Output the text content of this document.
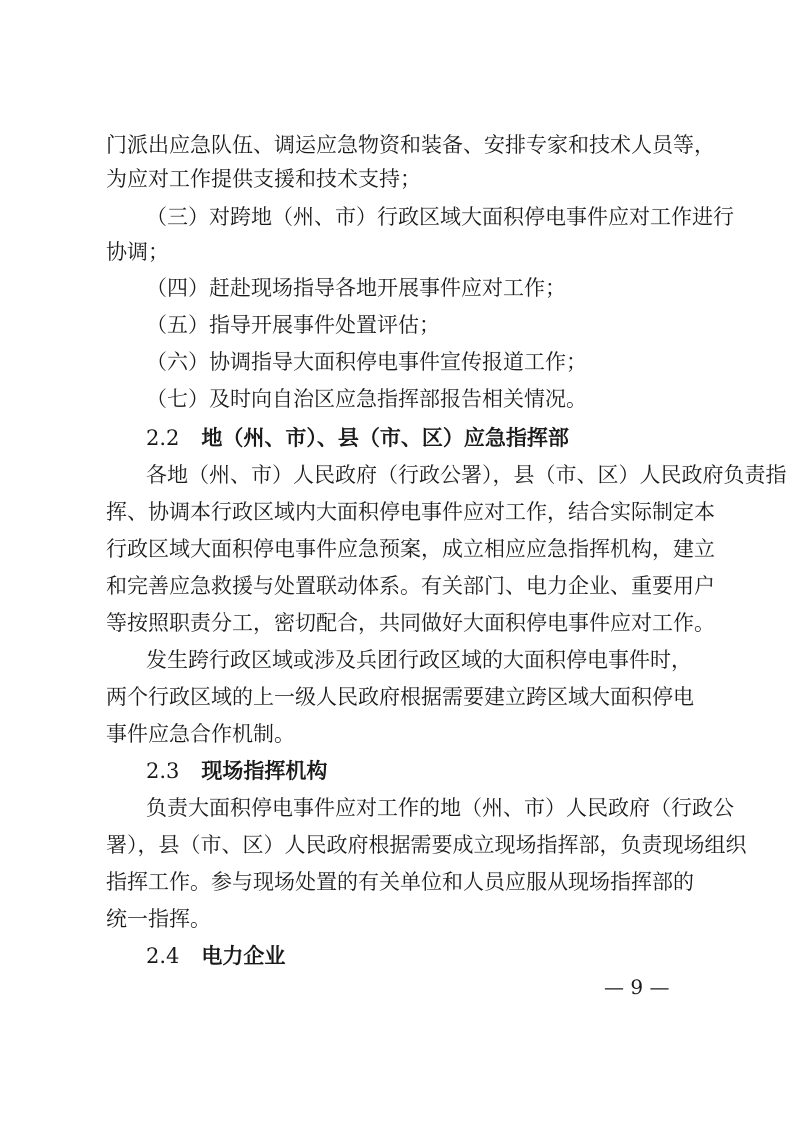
门派出应急队伍、调运应急物资和装备、安排专家和技术人员等，
为应对工作提供支援和技术支持；
（三）对跨地（州、市）行政区域大面积停电事件应对工作进行
协调；
（四）赶赴现场指导各地开展事件应对工作；
（五）指导开展事件处置评估；
（六）协调指导大面积停电事件宣传报道工作；
（七）及时向自治区应急指挥部报告相关情况。
2.2 地（州、市）、县（市、区）应急指挥部
各地（州、市）人民政府（行政公署），县（市、区）人民政府负责指
挥、协调本行政区域内大面积停电事件应对工作，结合实际制定本
行政区域大面积停电事件应急预案，成立相应应急指挥机构，建立
和完善应急救援与处置联动体系。有关部门、电力企业、重要用户
等按照职责分工，密切配合，共同做好大面积停电事件应对工作。
发生跨行政区域或涉及兵团行政区域的大面积停电事件时，
两个行政区域的上一级人民政府根据需要建立跨区域大面积停电
事件应急合作机制。
2.3 现场指挥机构
负责大面积停电事件应对工作的地（州、市）人民政府（行政公
署），县（市、区）人民政府根据需要成立现场指挥部，负责现场组织
指挥工作。参与现场处置的有关单位和人员应服从现场指挥部的
统一指挥。
2.4 电力企业
— 9 —
